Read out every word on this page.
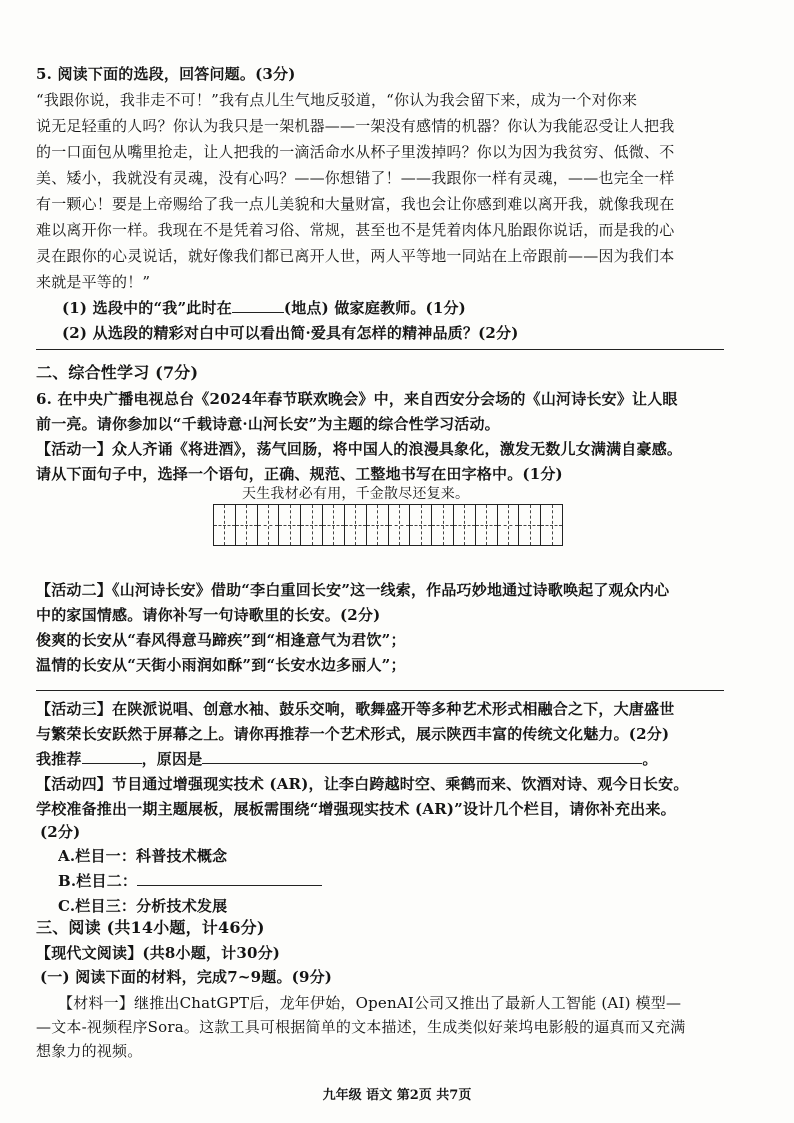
5. 阅读下面的选段，回答问题。(3分)
“我跟你说，我非走不可！”我有点儿生气地反驳道，“你认为我会留下来，成为一个对你来
说无足轻重的人吗？你认为我只是一架机器——一架没有感情的机器？你认为我能忍受让人把我
的一口面包从嘴里抢走，让人把我的一滴活命水从杯子里泼掉吗？你以为因为我贫穷、低微、不
美、矮小，我就没有灵魂，没有心吗？——你想错了！——我跟你一样有灵魂，——也完全一样
有一颗心！要是上帝赐给了我一点儿美貌和大量财富，我也会让你感到难以离开我，就像我现在
难以离开你一样。我现在不是凭着习俗、常规，甚至也不是凭着肉体凡胎跟你说话，而是我的心
灵在跟你的心灵说话，就好像我们都已离开人世，两人平等地一同站在上帝跟前——因为我们本
来就是平等的！”
(1) 选段中的“我”此时在	(地点) 做家庭教师。(1分)
(2) 从选段的精彩对白中可以看出简·爱具有怎样的精神品质？(2分)
二、综合性学习 (7分)
6. 在中央广播电视总台《2024年春节联欢晚会》中，来自西安分会场的《山河诗长安》让人眼
前一亮。请你参加以“千载诗意·山河长安”为主题的综合性学习活动。
【活动一】众人齐诵《将进酒》，荡气回肠，将中国人的浪漫具象化，激发无数儿女满满自豪感。
请从下面句子中，选择一个语句，正确、规范、工整地书写在田字格中。(1分)
天生我材必有用，千金散尽还复来。
【活动二】《山河诗长安》借助“李白重回长安”这一线索，作品巧妙地通过诗歌唤起了观众内心
中的家国情感。请你补写一句诗歌里的长安。(2分)
俊爽的长安从“春风得意马蹄疾”到“相逢意气为君饮”；
温情的长安从“天街小雨润如酥”到“长安水边多丽人”；
【活动三】在陕派说唱、创意水袖、鼓乐交响，歌舞盛开等多种艺术形式相融合之下，大唐盛世
与繁荣长安跃然于屏幕之上。请你再推荐一个艺术形式，展示陕西丰富的传统文化魅力。(2分)
我推荐	，原因是	。
【活动四】节目通过增强现实技术 (AR)，让李白跨越时空、乘鹤而来、饮酒对诗、观今日长安。
学校准备推出一期主题展板，展板需围绕“增强现实技术 (AR)”设计几个栏目，请你补充出来。
(2分)
A.栏目一：科普技术概念
B.栏目二：
C.栏目三：分析技术发展
三、阅读 (共14小题，计46分)
【现代文阅读】(共8小题，计30分)
(一) 阅读下面的材料，完成7~9题。(9分)
【材料一】继推出ChatGPT后，龙年伊始，OpenAI公司又推出了最新人工智能 (AI) 模型—
—文本-视频程序Sora。这款工具可根据简单的文本描述，生成类似好莱坞电影般的逼真而又充满
想象力的视频。
九年级 语文 第2页 共7页
